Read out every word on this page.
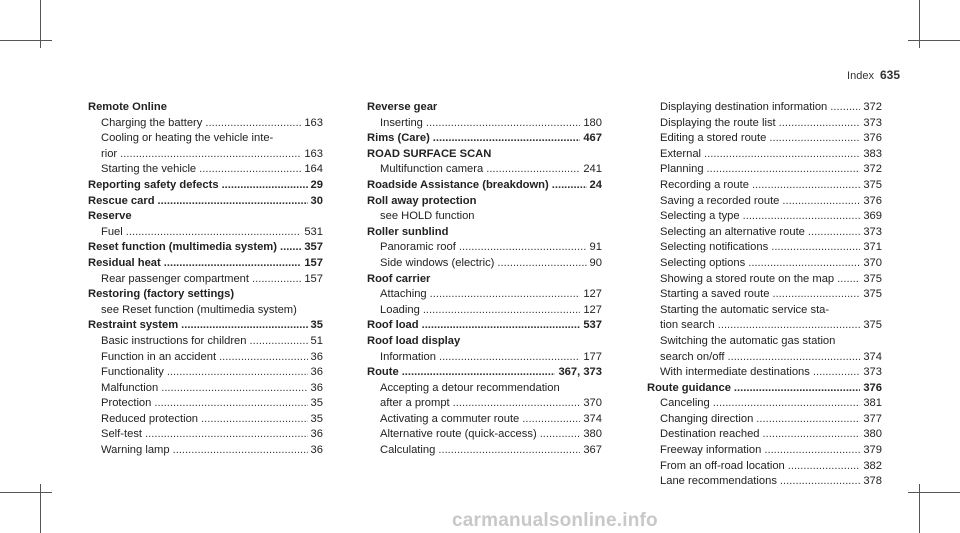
Index 635
Remote Online
Charging the battery .....	163
Cooling or heating the vehicle inte-
rior .....	163
Starting the vehicle .....	164
Reporting safety defects .....	29
Rescue card .....	30
Reserve
Fuel .....	531
Reset function (multimedia system) ..... 357
Residual heat .....	157
Rear passenger compartment .....	157
Restoring (factory settings)
see Reset function (multimedia system)
Restraint system .....	35
Basic instructions for children .....	51
Function in an accident .....	36
Functionality .....	36
Malfunction .....	36
Protection .....	35
Reduced protection .....	35
Self-test .....	36
Warning lamp .....	36
Reverse gear
Inserting .....	180
Rims (Care) .....	467
ROAD SURFACE SCAN
Multifunction camera .....	241
Roadside Assistance (breakdown) .....	24
Roll away protection
see HOLD function
Roller sunblind
Panoramic roof .....	91
Side windows (electric) .....	90
Roof carrier
Attaching .....	127
Loading .....	127
Roof load .....	537
Roof load display
Information .....	177
Route .....	367, 373
Accepting a detour recommendation
after a prompt .....	370
Activating a commuter route .....	374
Alternative route (quick-access) .....	380
Calculating .....	367
Displaying destination information .....	372
Displaying the route list .....	373
Editing a stored route .....	376
External .....	383
Planning .....	372
Recording a route .....	375
Saving a recorded route .....	376
Selecting a type .....	369
Selecting an alternative route .....	373
Selecting notifications .....	371
Selecting options .....	370
Showing a stored route on the map .....	375
Starting a saved route .....	375
Starting the automatic service sta-
tion search .....	375
Switching the automatic gas station
search on/off .....	374
With intermediate destinations .....	373
Route guidance .....	376
Canceling .....	381
Changing direction .....	377
Destination reached .....	380
Freeway information .....	379
From an off-road location .....	382
Lane recommendations .....	378
carmanualsonline.info
